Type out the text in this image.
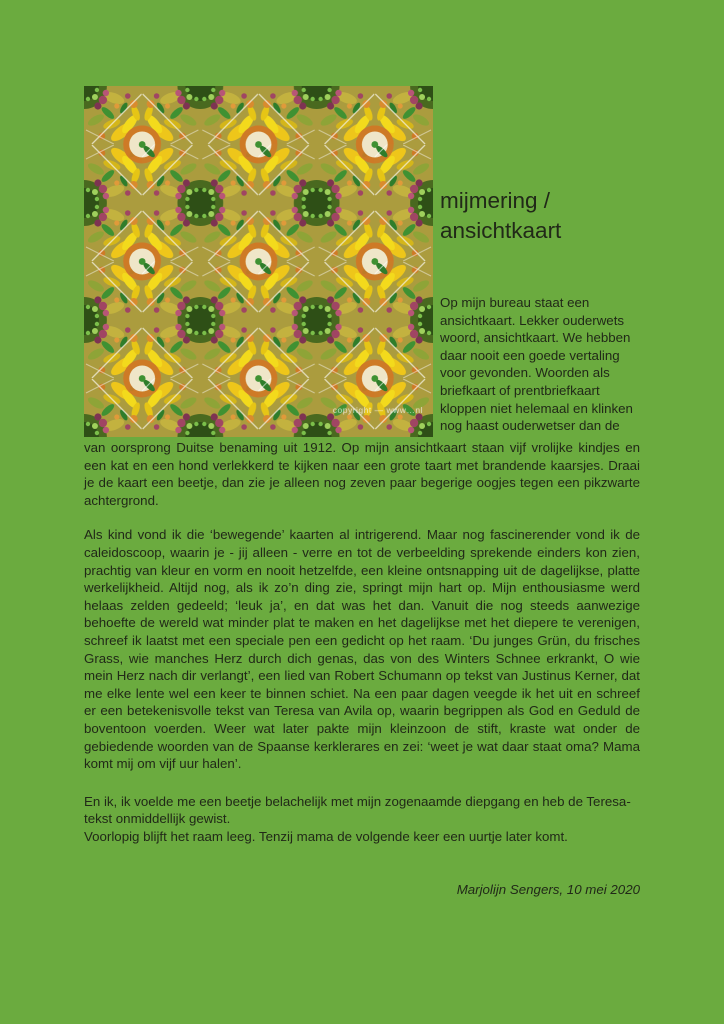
copyright — www…nl
mijmering / ansichtkaart
Op mijn bureau staat een ansichtkaart. Lekker ouderwets woord, ansichtkaart. We hebben daar nooit een goede vertaling voor gevonden. Woorden als briefkaart of prentbriefkaart kloppen niet helemaal en klinken nog haast ouderwetser dan de

van oorsprong Duitse benaming uit 1912. Op mijn ansichtkaart staan vijf vrolijke kindjes en een kat en een hond verlekkerd te kijken naar een grote taart met brandende kaarsjes. Draai je de kaart een beetje, dan zie je alleen nog zeven paar begerige oogjes tegen een pikzwarte achtergrond.

Als kind vond ik die ‘bewegende’ kaarten al intrigerend. Maar nog fascinerender vond ik de caleidoscoop, waarin je - jij alleen - verre en tot de verbeelding sprekende einders kon zien, prachtig van kleur en vorm en nooit hetzelfde, een kleine ontsnapping uit de dagelijkse, platte werkelijkheid. Altijd nog, als ik zo’n ding zie, springt mijn hart op. Mijn enthousiasme werd helaas zelden gedeeld; ‘leuk ja’, en dat was het dan. Vanuit die nog steeds aanwezige behoefte de wereld wat minder plat te maken en het dagelijkse met het diepere te verenigen, schreef ik laatst met een speciale pen een gedicht op het raam. ‘Du junges Grün, du frisches Grass, wie manches Herz durch dich genas, das von des Winters Schnee erkrankt, O wie mein Herz nach dir verlangt’, een lied van Robert Schumann op tekst van Justinus Kerner, dat me elke lente wel een keer te binnen schiet. Na een paar dagen veegde ik het uit en schreef er een betekenisvolle tekst van Teresa van Avila op, waarin begrippen als God en Geduld de boventoon voerden. Weer wat later pakte mijn kleinzoon de stift, kraste wat onder de gebiedende woorden van de Spaanse kerklerares en zei: ‘weet je wat daar staat oma? Mama komt mij om vijf uur halen’.

En ik, ik voelde me een beetje belachelijk met mijn zogenaamde diepgang en heb de Teresa-tekst onmiddellijk gewist.

Voorlopig blijft het raam leeg. Tenzij mama de volgende keer een uurtje later komt.

Marjolijn Sengers, 10 mei 2020
